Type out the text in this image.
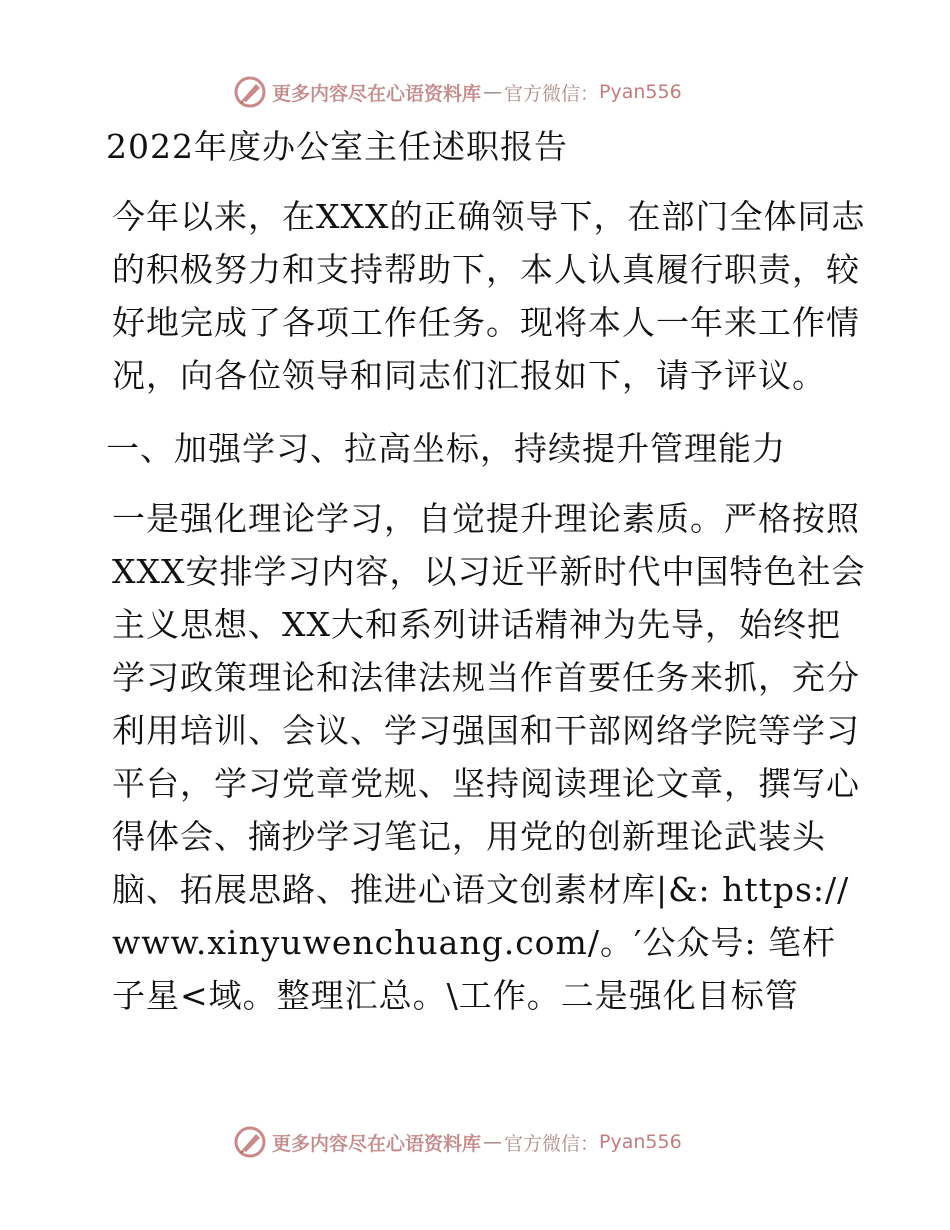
更多内容尽在心语资料库 — 官方微信： Pyan556
2022年度办公室主任述职报告
今年以来，在XXX的正确领导下，在部门全体同志的积极努力和支持帮助下，本人认真履行职责，较好地完成了各项工作任务。现将本人一年来工作情况，向各位领导和同志们汇报如下，请予评议。
一、加强学习、拉高坐标，持续提升管理能力
一是强化理论学习，自觉提升理论素质。严格按照XXX安排学习内容，以习近平新时代中国特色社会主义思想、XX大和系列讲话精神为先导，始终把学习政策理论和法律法规当作首要任务来抓，充分利用培训、会议、学习强国和干部网络学院等学习平台，学习党章党规、坚持阅读理论文章，撰写心得体会、摘抄学习笔记，用党的创新理论武装头脑、拓展思路、推进心语文创素材库|&: https://www.xinyuwenchuang.com/。′公众号: 笔杆子星<域。整理汇总。\工作。二是强化目标管
更多内容尽在心语资料库 — 官方微信： Pyan556
